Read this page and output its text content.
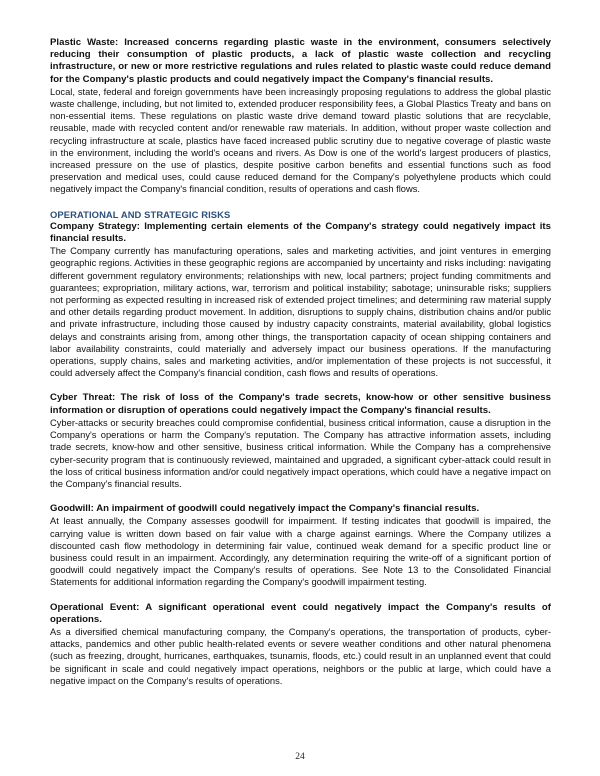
Plastic Waste: Increased concerns regarding plastic waste in the environment, consumers selectively reducing their consumption of plastic products, a lack of plastic waste collection and recycling infrastructure, or new or more restrictive regulations and rules related to plastic waste could reduce demand for the Company's plastic products and could negatively impact the Company's financial results.

Local, state, federal and foreign governments have been increasingly proposing regulations to address the global plastic waste challenge, including, but not limited to, extended producer responsibility fees, a Global Plastics Treaty and bans on non-essential items. These regulations on plastic waste drive demand toward plastic solutions that are recyclable, reusable, made with recycled content and/or renewable raw materials. In addition, without proper waste collection and recycling infrastructure at scale, plastics have faced increased public scrutiny due to negative coverage of plastic waste in the environment, including the world's oceans and rivers. As Dow is one of the world's largest producers of plastics, increased pressure on the use of plastics, despite positive carbon benefits and essential functions such as food preservation and medical uses, could cause reduced demand for the Company's polyethylene products which could negatively impact the Company's financial condition, results of operations and cash flows.

OPERATIONAL AND STRATEGIC RISKS

Company Strategy: Implementing certain elements of the Company's strategy could negatively impact its financial results.

The Company currently has manufacturing operations, sales and marketing activities, and joint ventures in emerging geographic regions. Activities in these geographic regions are accompanied by uncertainty and risks including: navigating different government regulatory environments; relationships with new, local partners; project funding commitments and guarantees; expropriation, military actions, war, terrorism and political instability; sabotage; uninsurable risks; suppliers not performing as expected resulting in increased risk of extended project timelines; and determining raw material supply and other details regarding product movement. In addition, disruptions to supply chains, distribution chains and/or public and private infrastructure, including those caused by industry capacity constraints, material availability, global logistics delays and constraints arising from, among other things, the transportation capacity of ocean shipping containers and labor availability constraints, could materially and adversely impact our business operations. If the manufacturing operations, supply chains, sales and marketing activities, and/or implementation of these projects is not successful, it could adversely affect the Company's financial condition, cash flows and results of operations.

Cyber Threat: The risk of loss of the Company's trade secrets, know-how or other sensitive business information or disruption of operations could negatively impact the Company's financial results.

Cyber-attacks or security breaches could compromise confidential, business critical information, cause a disruption in the Company's operations or harm the Company's reputation. The Company has attractive information assets, including trade secrets, know-how and other sensitive, business critical information. While the Company has a comprehensive cyber-security program that is continuously reviewed, maintained and upgraded, a significant cyber-attack could result in the loss of critical business information and/or could negatively impact operations, which could have a negative impact on the Company's financial results.

Goodwill: An impairment of goodwill could negatively impact the Company's financial results.

At least annually, the Company assesses goodwill for impairment. If testing indicates that goodwill is impaired, the carrying value is written down based on fair value with a charge against earnings. Where the Company utilizes a discounted cash flow methodology in determining fair value, continued weak demand for a specific product line or business could result in an impairment. Accordingly, any determination requiring the write-off of a significant portion of goodwill could negatively impact the Company's results of operations. See Note 13 to the Consolidated Financial Statements for additional information regarding the Company's goodwill impairment testing.

Operational Event: A significant operational event could negatively impact the Company's results of operations.

As a diversified chemical manufacturing company, the Company's operations, the transportation of products, cyber-attacks, pandemics and other public health-related events or severe weather conditions and other natural phenomena (such as freezing, drought, hurricanes, earthquakes, tsunamis, floods, etc.) could result in an unplanned event that could be significant in scale and could negatively impact operations, neighbors or the public at large, which could have a negative impact on the Company's results of operations.

24
